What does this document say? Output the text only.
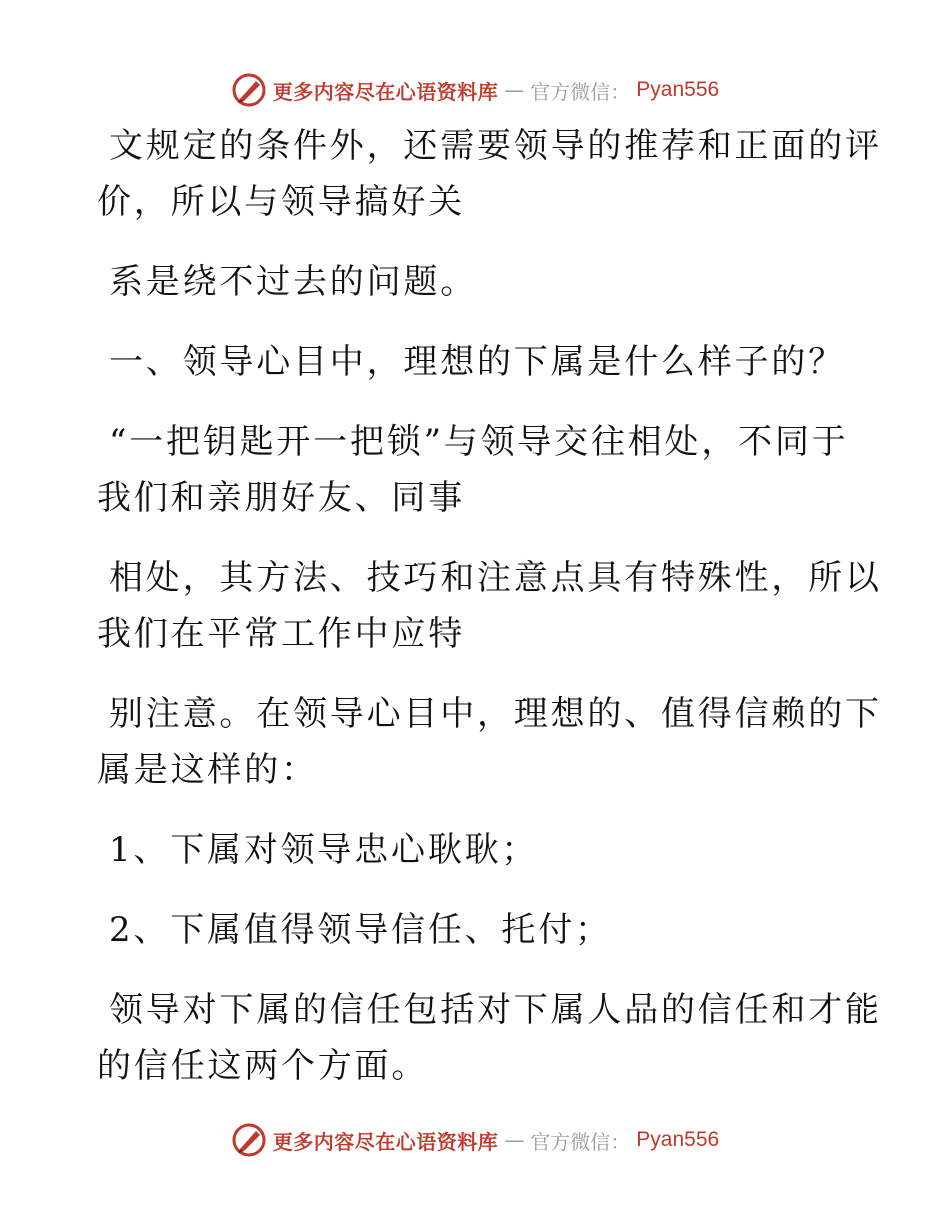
更多内容尽在心语资料库 — 官方微信： Pyan556
文规定的条件外，还需要领导的推荐和正面的评
价，所以与领导搞好关
系是绕不过去的问题。
一、领导心目中，理想的下属是什么样子的？
“一把钥匙开一把锁”与领导交往相处，不同于
我们和亲朋好友、同事
相处，其方法、技巧和注意点具有特殊性，所以
我们在平常工作中应特
别注意。在领导心目中，理想的、值得信赖的下
属是这样的：
1、下属对领导忠心耿耿；
2、下属值得领导信任、托付；
领导对下属的信任包括对下属人品的信任和才能
的信任这两个方面。
更多内容尽在心语资料库 — 官方微信： Pyan556
